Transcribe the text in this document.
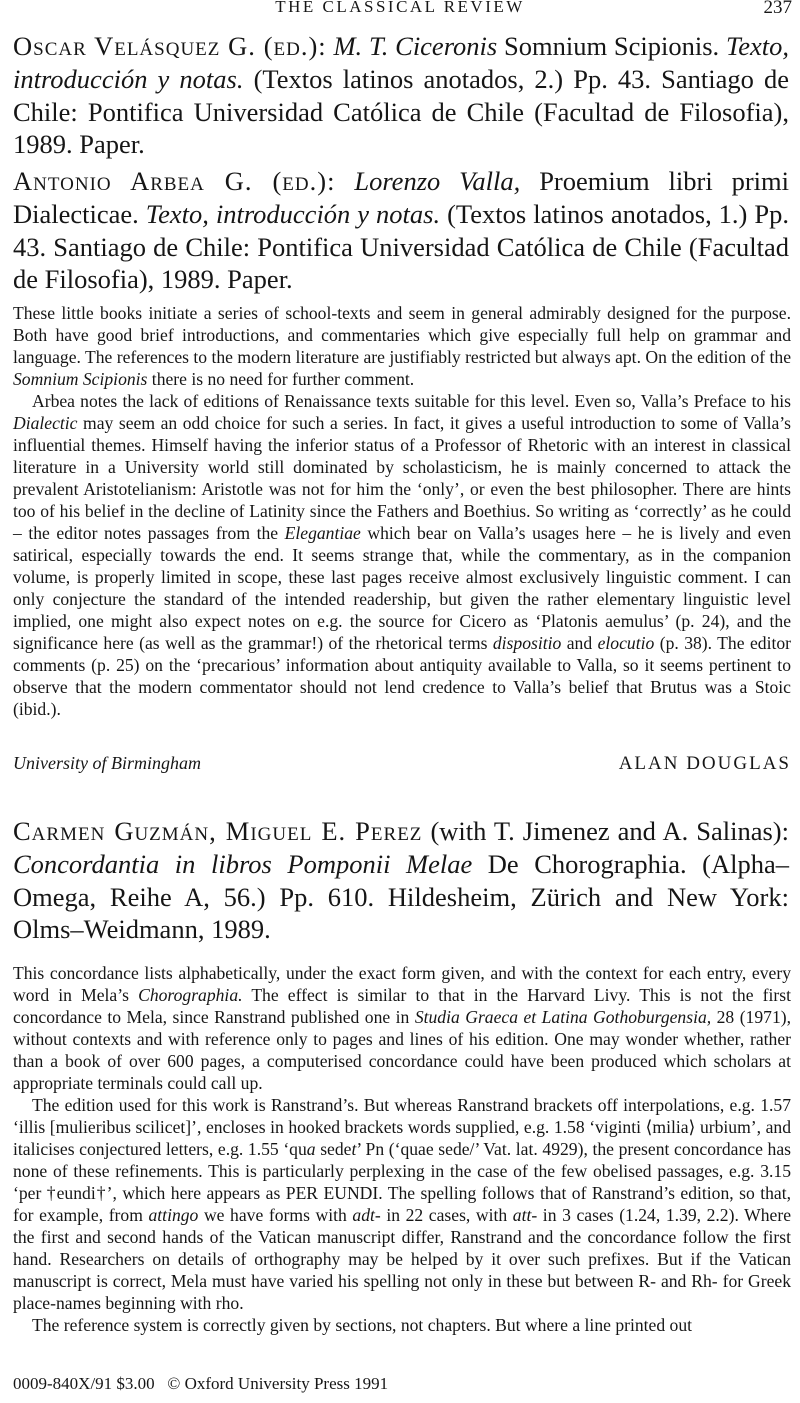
THE CLASSICAL REVIEW	237
Oscar Velásquez G. (ed.): M. T. Ciceronis Somnium Scipionis. Texto, introducción y notas. (Textos latinos anotados, 2.) Pp. 43. Santiago de Chile: Pontifica Universidad Católica de Chile (Facultad de Filosofia), 1989. Paper.
Antonio Arbea G. (ed.): Lorenzo Valla, Proemium libri primi Dialecticae. Texto, introducción y notas. (Textos latinos anotados, 1.) Pp. 43. Santiago de Chile: Pontifica Universidad Católica de Chile (Facultad de Filosofia), 1989. Paper.

These little books initiate a series of school-texts and seem in general admirably designed for the purpose. Both have good brief introductions, and commentaries which give especially full help on grammar and language. The references to the modern literature are justifiably restricted but always apt. On the edition of the Somnium Scipionis there is no need for further comment.

Arbea notes the lack of editions of Renaissance texts suitable for this level. Even so, Valla’s Preface to his Dialectic may seem an odd choice for such a series. In fact, it gives a useful introduction to some of Valla’s influential themes. Himself having the inferior status of a Professor of Rhetoric with an interest in classical literature in a University world still dominated by scholasticism, he is mainly concerned to attack the prevalent Aristotelianism: Aristotle was not for him the ‘only’, or even the best philosopher. There are hints too of his belief in the decline of Latinity since the Fathers and Boethius. So writing as ‘correctly’ as he could – the editor notes passages from the Elegantiae which bear on Valla’s usages here – he is lively and even satirical, especially towards the end. It seems strange that, while the commentary, as in the companion volume, is properly limited in scope, these last pages receive almost exclusively linguistic comment. I can only conjecture the standard of the intended readership, but given the rather elementary linguistic level implied, one might also expect notes on e.g. the source for Cicero as ‘Platonis aemulus’ (p. 24), and the significance here (as well as the grammar!) of the rhetorical terms dispositio and elocutio (p. 38). The editor comments (p. 25) on the ‘precarious’ information about antiquity available to Valla, so it seems pertinent to observe that the modern commentator should not lend credence to Valla’s belief that Brutus was a Stoic (ibid.).

University of Birmingham	ALAN DOUGLAS
Carmen Guzmán, Miguel E. Perez (with T. Jimenez and A. Salinas): Concordantia in libros Pomponii Melae De Chorographia. (Alpha–Omega, Reihe A, 56.) Pp. 610. Hildesheim, Zürich and New York: Olms–Weidmann, 1989.

This concordance lists alphabetically, under the exact form given, and with the context for each entry, every word in Mela’s Chorographia. The effect is similar to that in the Harvard Livy. This is not the first concordance to Mela, since Ranstrand published one in Studia Graeca et Latina Gothoburgensia, 28 (1971), without contexts and with reference only to pages and lines of his edition. One may wonder whether, rather than a book of over 600 pages, a computerised concordance could have been produced which scholars at appropriate terminals could call up.

The edition used for this work is Ranstrand’s. But whereas Ranstrand brackets off interpolations, e.g. 1.57 ‘illis [mulieribus scilicet]’, encloses in hooked brackets words supplied, e.g. 1.58 ‘viginti ⟨milia⟩ urbium’, and italicises conjectured letters, e.g. 1.55 ‘qua sedet’ Pn (‘quae sede/’ Vat. lat. 4929), the present concordance has none of these refinements. This is particularly perplexing in the case of the few obelised passages, e.g. 3.15 ‘per †eundi†’, which here appears as PER EUNDI. The spelling follows that of Ranstrand’s edition, so that, for example, from attingo we have forms with adt- in 22 cases, with att- in 3 cases (1.24, 1.39, 2.2). Where the first and second hands of the Vatican manuscript differ, Ranstrand and the concordance follow the first hand. Researchers on details of orthography may be helped by it over such prefixes. But if the Vatican manuscript is correct, Mela must have varied his spelling not only in these but between R- and Rh- for Greek place-names beginning with rho.

The reference system is correctly given by sections, not chapters. But where a line printed out

0009-840X/91 $3.00 © Oxford University Press 1991
